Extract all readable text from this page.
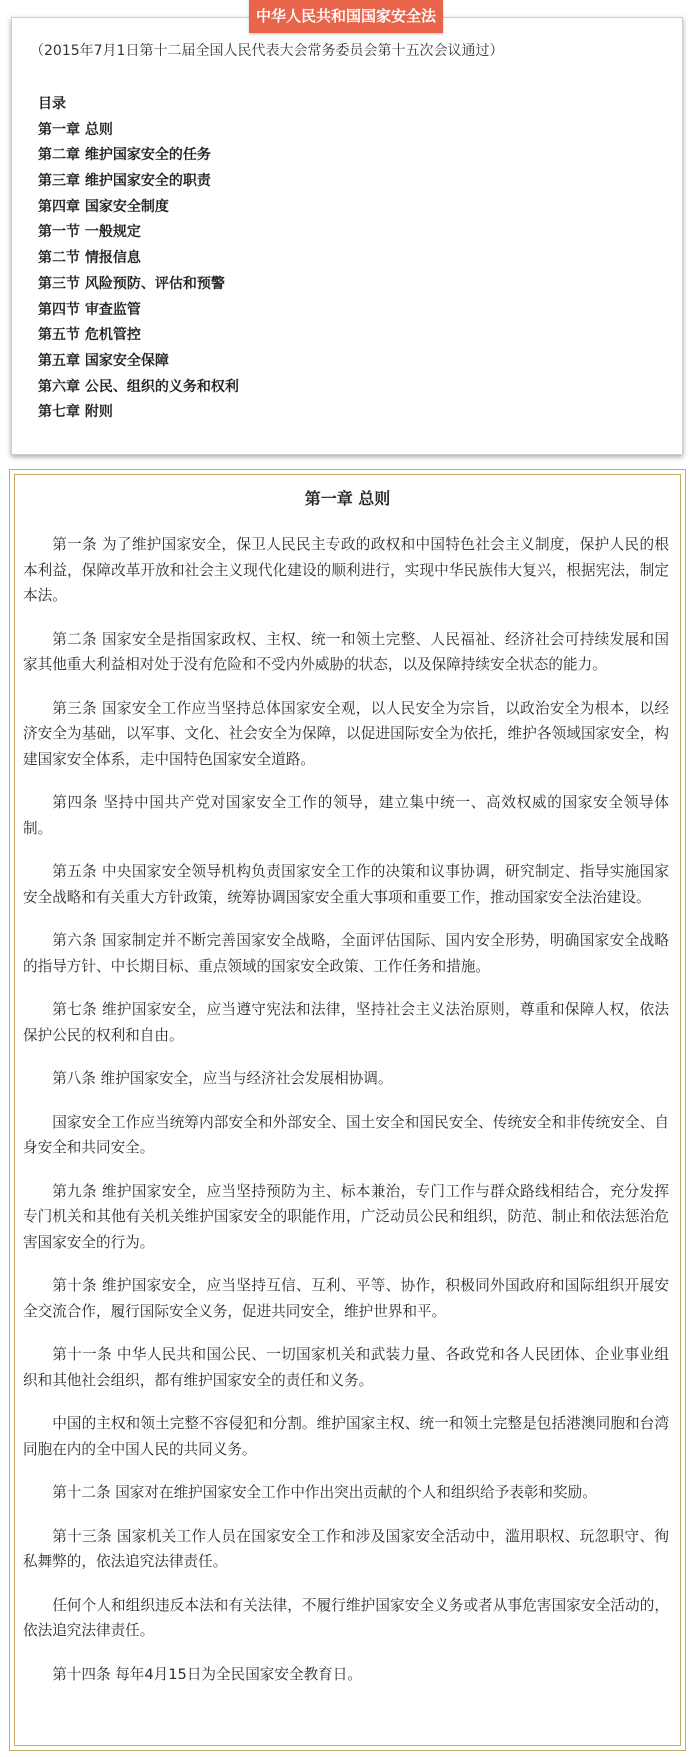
（2015年7月1日第十二届全国人民代表大会常务委员会第十五次会议通过）
目录
第一章 总则
第二章 维护国家安全的任务
第三章 维护国家安全的职责
第四章 国家安全制度
第一节 一般规定
第二节 情报信息
第三节 风险预防、评估和预警
第四节 审查监管
第五节 危机管控
第五章 国家安全保障
第六章 公民、组织的义务和权利
第七章 附则
中华人民共和国国家安全法
第一章 总则

第一条 为了维护国家安全，保卫人民民主专政的政权和中国特色社会主义制度，保护人民的根本利益，保障改革开放和社会主义现代化建设的顺利进行，实现中华民族伟大复兴，根据宪法，制定本法。

第二条 国家安全是指国家政权、主权、统一和领土完整、人民福祉、经济社会可持续发展和国家其他重大利益相对处于没有危险和不受内外威胁的状态，以及保障持续安全状态的能力。

第三条 国家安全工作应当坚持总体国家安全观，以人民安全为宗旨，以政治安全为根本，以经济安全为基础，以军事、文化、社会安全为保障，以促进国际安全为依托，维护各领域国家安全，构建国家安全体系，走中国特色国家安全道路。

第四条 坚持中国共产党对国家安全工作的领导，建立集中统一、高效权威的国家安全领导体制。

第五条 中央国家安全领导机构负责国家安全工作的决策和议事协调，研究制定、指导实施国家安全战略和有关重大方针政策，统筹协调国家安全重大事项和重要工作，推动国家安全法治建设。

第六条 国家制定并不断完善国家安全战略，全面评估国际、国内安全形势，明确国家安全战略的指导方针、中长期目标、重点领域的国家安全政策、工作任务和措施。

第七条 维护国家安全，应当遵守宪法和法律，坚持社会主义法治原则，尊重和保障人权，依法保护公民的权利和自由。

第八条 维护国家安全，应当与经济社会发展相协调。

国家安全工作应当统筹内部安全和外部安全、国土安全和国民安全、传统安全和非传统安全、自身安全和共同安全。

第九条 维护国家安全，应当坚持预防为主、标本兼治，专门工作与群众路线相结合，充分发挥专门机关和其他有关机关维护国家安全的职能作用，广泛动员公民和组织，防范、制止和依法惩治危害国家安全的行为。

第十条 维护国家安全，应当坚持互信、互利、平等、协作，积极同外国政府和国际组织开展安全交流合作，履行国际安全义务，促进共同安全，维护世界和平。

第十一条 中华人民共和国公民、一切国家机关和武装力量、各政党和各人民团体、企业事业组织和其他社会组织，都有维护国家安全的责任和义务。

中国的主权和领土完整不容侵犯和分割。维护国家主权、统一和领土完整是包括港澳同胞和台湾同胞在内的全中国人民的共同义务。

第十二条 国家对在维护国家安全工作中作出突出贡献的个人和组织给予表彰和奖励。

第十三条 国家机关工作人员在国家安全工作和涉及国家安全活动中，滥用职权、玩忽职守、徇私舞弊的，依法追究法律责任。

任何个人和组织违反本法和有关法律，不履行维护国家安全义务或者从事危害国家安全活动的，依法追究法律责任。

第十四条 每年4月15日为全民国家安全教育日。
